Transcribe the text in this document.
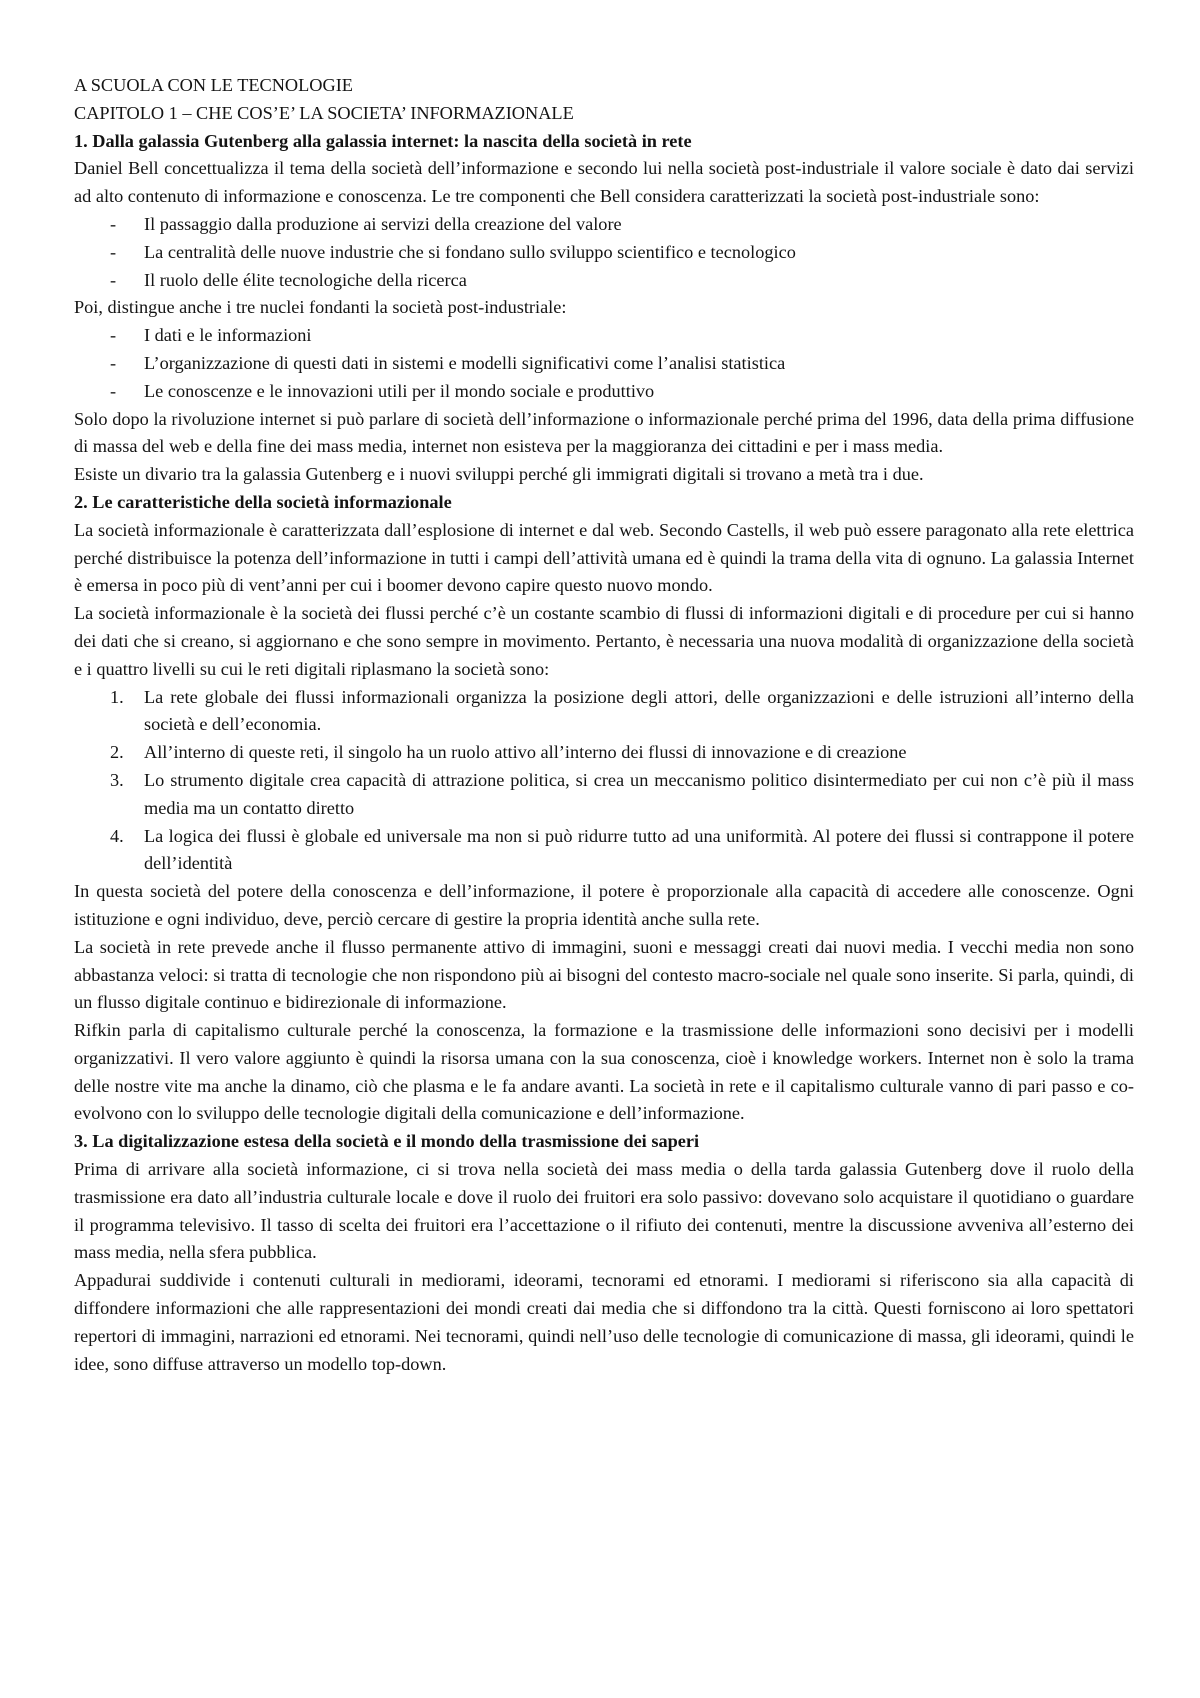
A SCUOLA CON LE TECNOLOGIE
CAPITOLO 1 – CHE COS’E’ LA SOCIETA’ INFORMAZIONALE
1. Dalla galassia Gutenberg alla galassia internet: la nascita della società in rete

Daniel Bell concettualizza il tema della società dell’informazione e secondo lui nella società post-industriale il valore sociale è dato dai servizi ad alto contenuto di informazione e conoscenza. Le tre componenti che Bell considera caratterizzati la società post-industriale sono:

- Il passaggio dalla produzione ai servizi della creazione del valore
- La centralità delle nuove industrie che si fondano sullo sviluppo scientifico e tecnologico
- Il ruolo delle élite tecnologiche della ricerca

Poi, distingue anche i tre nuclei fondanti la società post-industriale:

- I dati e le informazioni
- L’organizzazione di questi dati in sistemi e modelli significativi come l’analisi statistica
- Le conoscenze e le innovazioni utili per il mondo sociale e produttivo

Solo dopo la rivoluzione internet si può parlare di società dell’informazione o informazionale perché prima del 1996, data della prima diffusione di massa del web e della fine dei mass media, internet non esisteva per la maggioranza dei cittadini e per i mass media.

Esiste un divario tra la galassia Gutenberg e i nuovi sviluppi perché gli immigrati digitali si trovano a metà tra i due.

2. Le caratteristiche della società informazionale

La società informazionale è caratterizzata dall’esplosione di internet e dal web. Secondo Castells, il web può essere paragonato alla rete elettrica perché distribuisce la potenza dell’informazione in tutti i campi dell’attività umana ed è quindi la trama della vita di ognuno. La galassia Internet è emersa in poco più di vent’anni per cui i boomer devono capire questo nuovo mondo.

La società informazionale è la società dei flussi perché c’è un costante scambio di flussi di informazioni digitali e di procedure per cui si hanno dei dati che si creano, si aggiornano e che sono sempre in movimento. Pertanto, è necessaria una nuova modalità di organizzazione della società e i quattro livelli su cui le reti digitali riplasmano la società sono:

1. La rete globale dei flussi informazionali organizza la posizione degli attori, delle organizzazioni e delle istruzioni all’interno della società e dell’economia.
2. All’interno di queste reti, il singolo ha un ruolo attivo all’interno dei flussi di innovazione e di creazione
3. Lo strumento digitale crea capacità di attrazione politica, si crea un meccanismo politico disintermediato per cui non c’è più il mass media ma un contatto diretto
4. La logica dei flussi è globale ed universale ma non si può ridurre tutto ad una uniformità. Al potere dei flussi si contrappone il potere dell’identità

In questa società del potere della conoscenza e dell’informazione, il potere è proporzionale alla capacità di accedere alle conoscenze. Ogni istituzione e ogni individuo, deve, perciò cercare di gestire la propria identità anche sulla rete.

La società in rete prevede anche il flusso permanente attivo di immagini, suoni e messaggi creati dai nuovi media. I vecchi media non sono abbastanza veloci: si tratta di tecnologie che non rispondono più ai bisogni del contesto macro-sociale nel quale sono inserite. Si parla, quindi, di un flusso digitale continuo e bidirezionale di informazione.

Rifkin parla di capitalismo culturale perché la conoscenza, la formazione e la trasmissione delle informazioni sono decisivi per i modelli organizzativi. Il vero valore aggiunto è quindi la risorsa umana con la sua conoscenza, cioè i knowledge workers. Internet non è solo la trama delle nostre vite ma anche la dinamo, ciò che plasma e le fa andare avanti. La società in rete e il capitalismo culturale vanno di pari passo e co-evolvono con lo sviluppo delle tecnologie digitali della comunicazione e dell’informazione.

3. La digitalizzazione estesa della società e il mondo della trasmissione dei saperi

Prima di arrivare alla società informazione, ci si trova nella società dei mass media o della tarda galassia Gutenberg dove il ruolo della trasmissione era dato all’industria culturale locale e dove il ruolo dei fruitori era solo passivo: dovevano solo acquistare il quotidiano o guardare il programma televisivo. Il tasso di scelta dei fruitori era l’accettazione o il rifiuto dei contenuti, mentre la discussione avveniva all’esterno dei mass media, nella sfera pubblica.

Appadurai suddivide i contenuti culturali in mediorami, ideorami, tecnorami ed etnorami. I mediorami si riferiscono sia alla capacità di diffondere informazioni che alle rappresentazioni dei mondi creati dai media che si diffondono tra la città. Questi forniscono ai loro spettatori repertori di immagini, narrazioni ed etnorami. Nei tecnorami, quindi nell’uso delle tecnologie di comunicazione di massa, gli ideorami, quindi le idee, sono diffuse attraverso un modello top-down.
